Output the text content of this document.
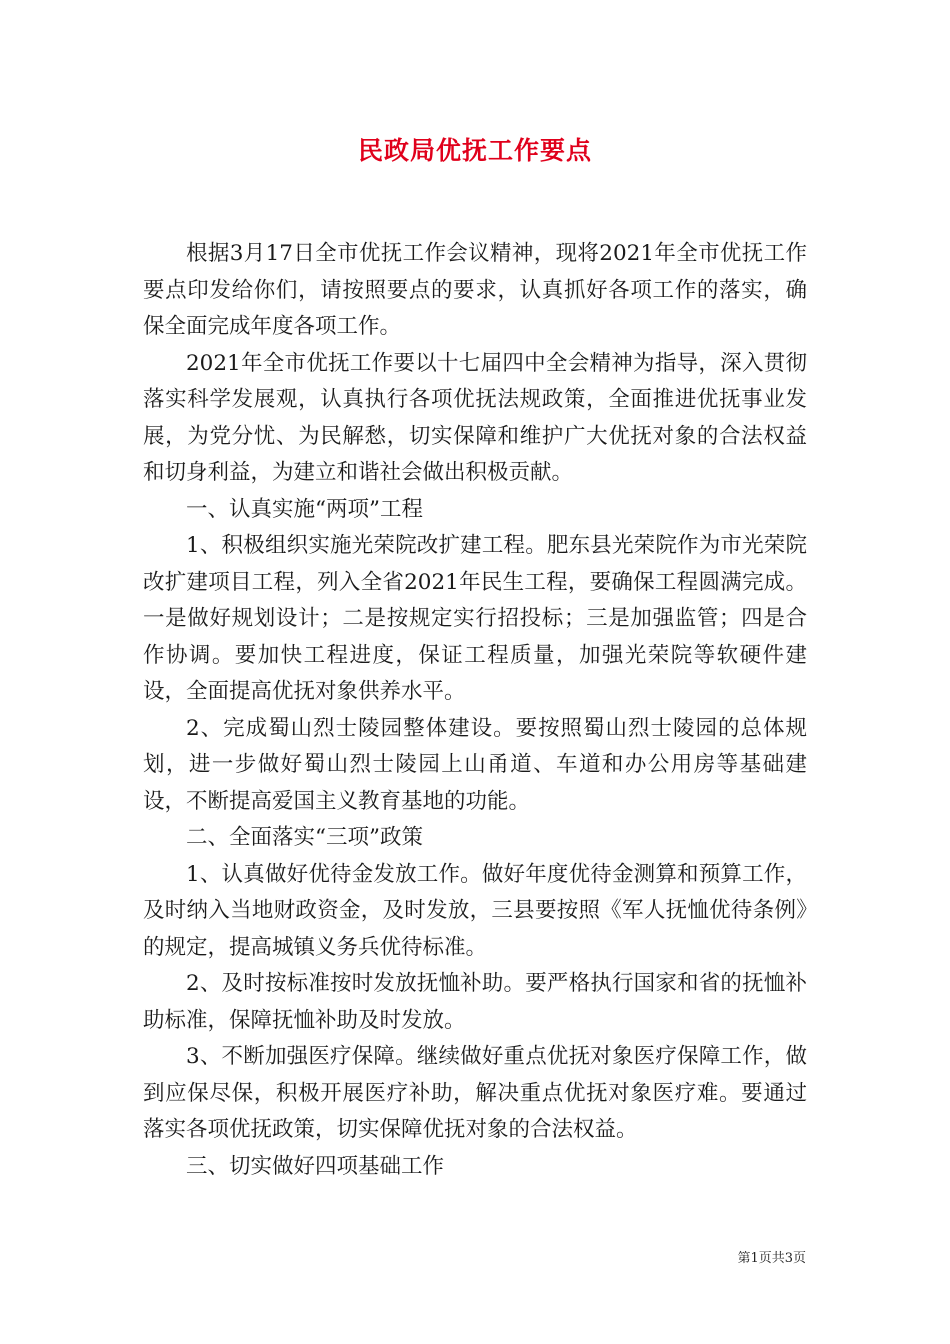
民政局优抚工作要点

根据3月17日全市优抚工作会议精神，现将2021年全市优抚工作要点印发给你们，请按照要点的要求，认真抓好各项工作的落实，确保全面完成年度各项工作。

2021年全市优抚工作要以十七届四中全会精神为指导，深入贯彻落实科学发展观，认真执行各项优抚法规政策，全面推进优抚事业发展，为党分忧、为民解愁，切实保障和维护广大优抚对象的合法权益和切身利益，为建立和谐社会做出积极贡献。

一、认真实施“两项”工程

1、积极组织实施光荣院改扩建工程。肥东县光荣院作为市光荣院改扩建项目工程，列入全省2021年民生工程，要确保工程圆满完成。一是做好规划设计；二是按规定实行招投标；三是加强监管；四是合作协调。要加快工程进度，保证工程质量，加强光荣院等软硬件建设，全面提高优抚对象供养水平。

2、完成蜀山烈士陵园整体建设。要按照蜀山烈士陵园的总体规划，进一步做好蜀山烈士陵园上山甬道、车道和办公用房等基础建设，不断提高爱国主义教育基地的功能。

二、全面落实“三项”政策

1、认真做好优待金发放工作。做好年度优待金测算和预算工作，及时纳入当地财政资金，及时发放，三县要按照《军人抚恤优待条例》的规定，提高城镇义务兵优待标准。

2、及时按标准按时发放抚恤补助。要严格执行国家和省的抚恤补助标准，保障抚恤补助及时发放。

3、不断加强医疗保障。继续做好重点优抚对象医疗保障工作，做到应保尽保，积极开展医疗补助，解决重点优抚对象医疗难。要通过落实各项优抚政策，切实保障优抚对象的合法权益。

三、切实做好四项基础工作

第1页共3页
